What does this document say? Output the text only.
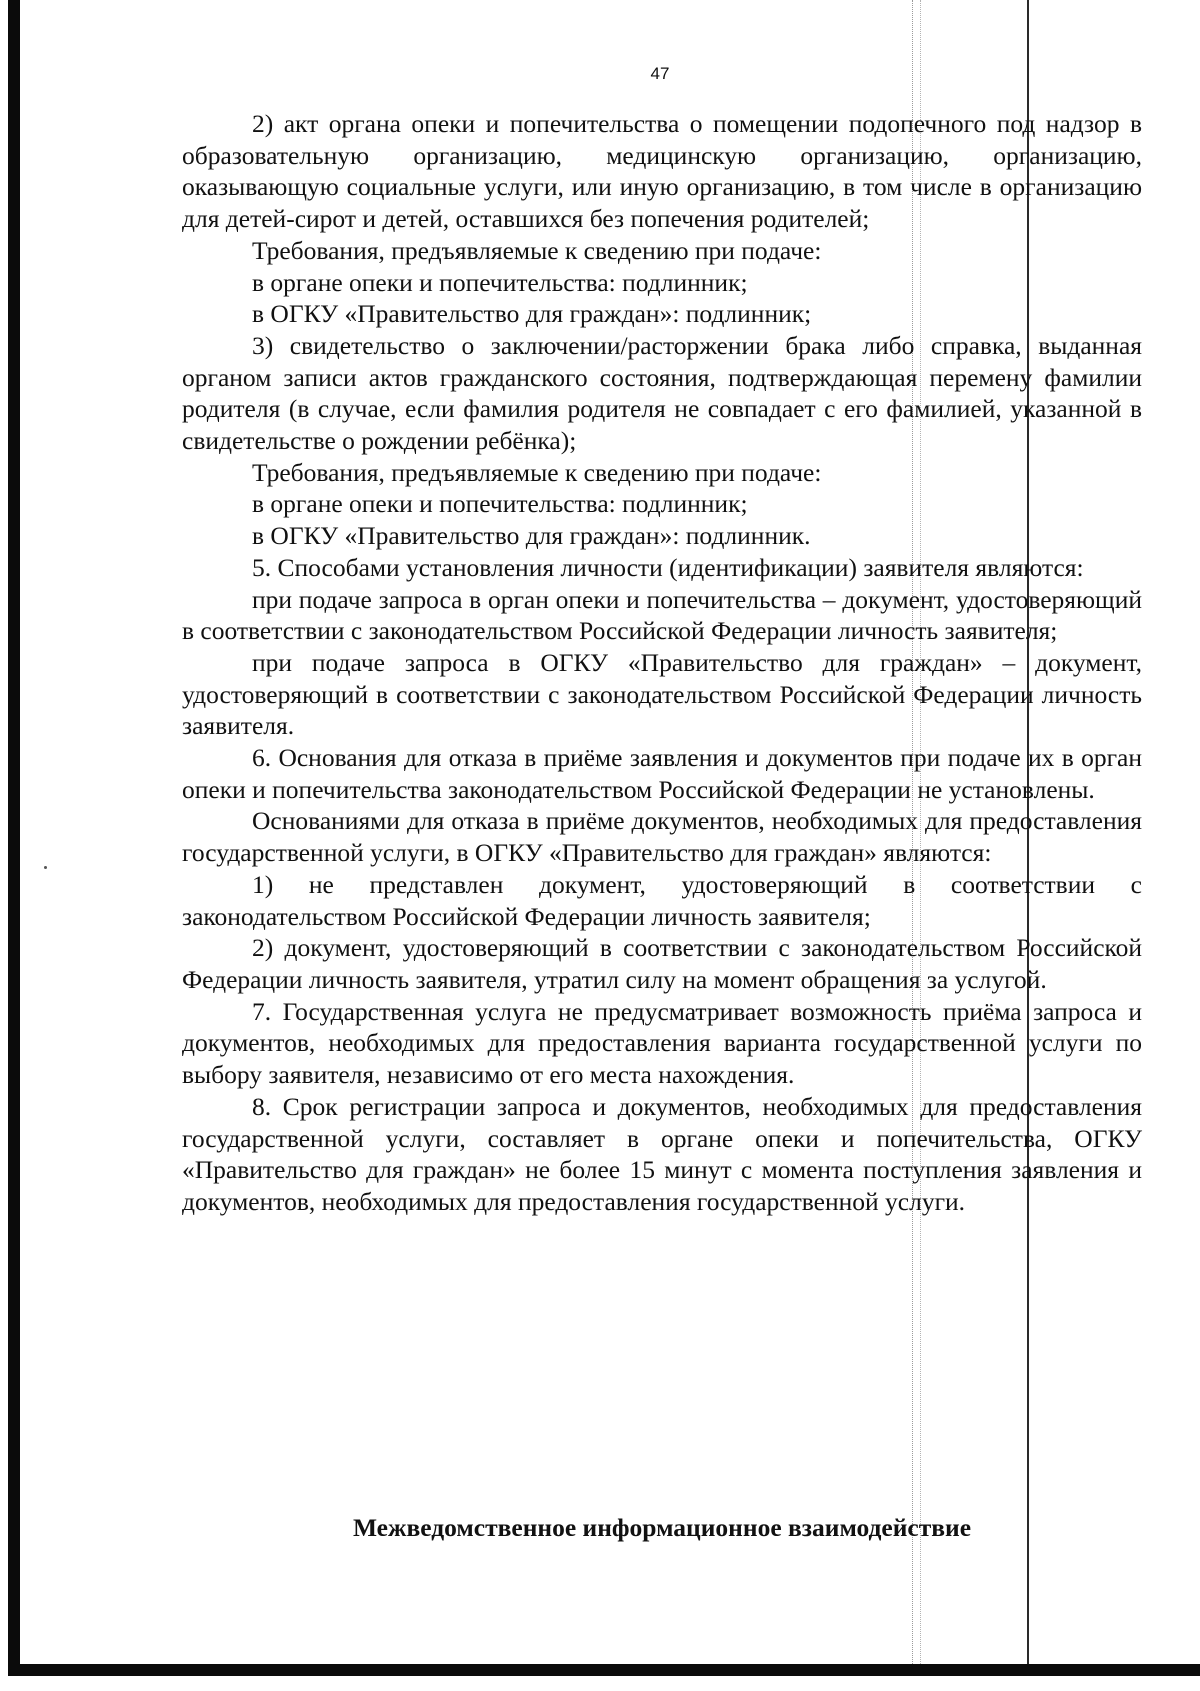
47

2) акт органа опеки и попечительства о помещении подопечного под надзор в образовательную организацию, медицинскую организацию, организацию, оказывающую социальные услуги, или иную организацию, в том числе в организацию для детей-сирот и детей, оставшихся без попечения родителей;

Требования, предъявляемые к сведению при подаче:

в органе опеки и попечительства: подлинник;

в ОГКУ «Правительство для граждан»: подлинник;

3) свидетельство о заключении/расторжении брака либо справка, выданная органом записи актов гражданского состояния, подтверждающая перемену фамилии родителя (в случае, если фамилия родителя не совпадает с его фамилией, указанной в свидетельстве о рождении ребёнка);

Требования, предъявляемые к сведению при подаче:

в органе опеки и попечительства: подлинник;

в ОГКУ «Правительство для граждан»: подлинник.

5. Способами установления личности (идентификации) заявителя являются:

при подаче запроса в орган опеки и попечительства – документ, удостоверяющий в соответствии с законодательством Российской Федерации личность заявителя;

при подаче запроса в ОГКУ «Правительство для граждан» – документ, удостоверяющий в соответствии с законодательством Российской Федерации личность заявителя.

6. Основания для отказа в приёме заявления и документов при подаче их в орган опеки и попечительства законодательством Российской Федерации не установлены.

Основаниями для отказа в приёме документов, необходимых для предоставления государственной услуги, в ОГКУ «Правительство для граждан» являются:

1) не представлен документ, удостоверяющий в соответствии с законодательством Российской Федерации личность заявителя;

2) документ, удостоверяющий в соответствии с законодательством Российской Федерации личность заявителя, утратил силу на момент обращения за услугой.

7. Государственная услуга не предусматривает возможность приёма запроса и документов, необходимых для предоставления варианта государственной услуги по выбору заявителя, независимо от его места нахождения.

8. Срок регистрации запроса и документов, необходимых для предоставления государственной услуги, составляет в органе опеки и попечительства, ОГКУ «Правительство для граждан» не более 15 минут с момента поступления заявления и документов, необходимых для предоставления государственной услуги.

Межведомственное информационное взаимодействие
